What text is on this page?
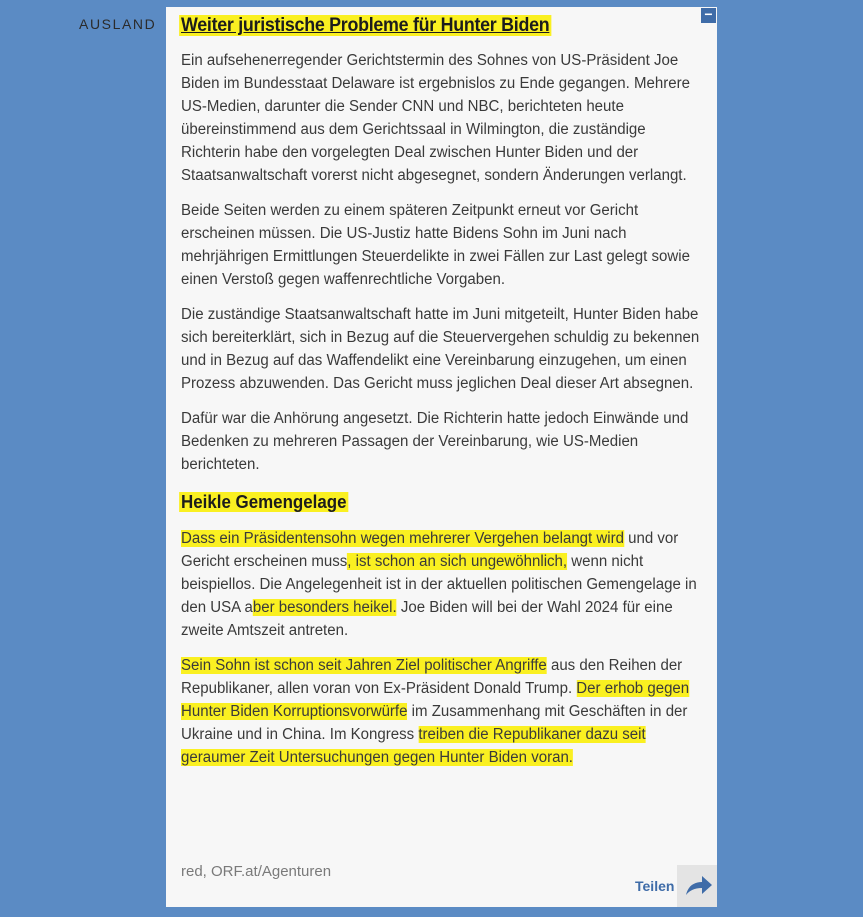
AUSLAND
−
Weiter juristische Probleme für Hunter Biden

Ein aufsehenerregender Gerichtstermin des Sohnes von US-Präsident Joe Biden im Bundesstaat Delaware ist ergebnislos zu Ende gegangen. Mehrere US-Medien, darunter die Sender CNN und NBC, berichteten heute übereinstimmend aus dem Gerichtssaal in Wilmington, die zuständige Richterin habe den vorgelegten Deal zwischen Hunter Biden und der Staatsanwaltschaft vorerst nicht abgesegnet, sondern Änderungen verlangt.

Beide Seiten werden zu einem späteren Zeitpunkt erneut vor Gericht erscheinen müssen. Die US-Justiz hatte Bidens Sohn im Juni nach mehrjährigen Ermittlungen Steuerdelikte in zwei Fällen zur Last gelegt sowie einen Verstoß gegen waffenrechtliche Vorgaben.

Die zuständige Staatsanwaltschaft hatte im Juni mitgeteilt, Hunter Biden habe sich bereiterklärt, sich in Bezug auf die Steuervergehen schuldig zu bekennen und in Bezug auf das Waffendelikt eine Vereinbarung einzugehen, um einen Prozess abzuwenden. Das Gericht muss jeglichen Deal dieser Art absegnen.

Dafür war die Anhörung angesetzt. Die Richterin hatte jedoch Einwände und Bedenken zu mehreren Passagen der Vereinbarung, wie US-Medien berichteten.

Heikle Gemengelage

Dass ein Präsidentensohn wegen mehrerer Vergehen belangt wird und vor Gericht erscheinen muss, ist schon an sich ungewöhnlich, wenn nicht beispiellos. Die Angelegenheit ist in der aktuellen politischen Gemengelage in den USA aber besonders heikel. Joe Biden will bei der Wahl 2024 für eine zweite Amtszeit antreten.

Sein Sohn ist schon seit Jahren Ziel politischer Angriffe aus den Reihen der Republikaner, allen voran von Ex-Präsident Donald Trump. Der erhob gegen Hunter Biden Korruptionsvorwürfe im Zusammenhang mit Geschäften in der Ukraine und in China. Im Kongress treiben die Republikaner dazu seit geraumer Zeit Untersuchungen gegen Hunter Biden voran.

red, ORF.at/Agenturen
Teilen
